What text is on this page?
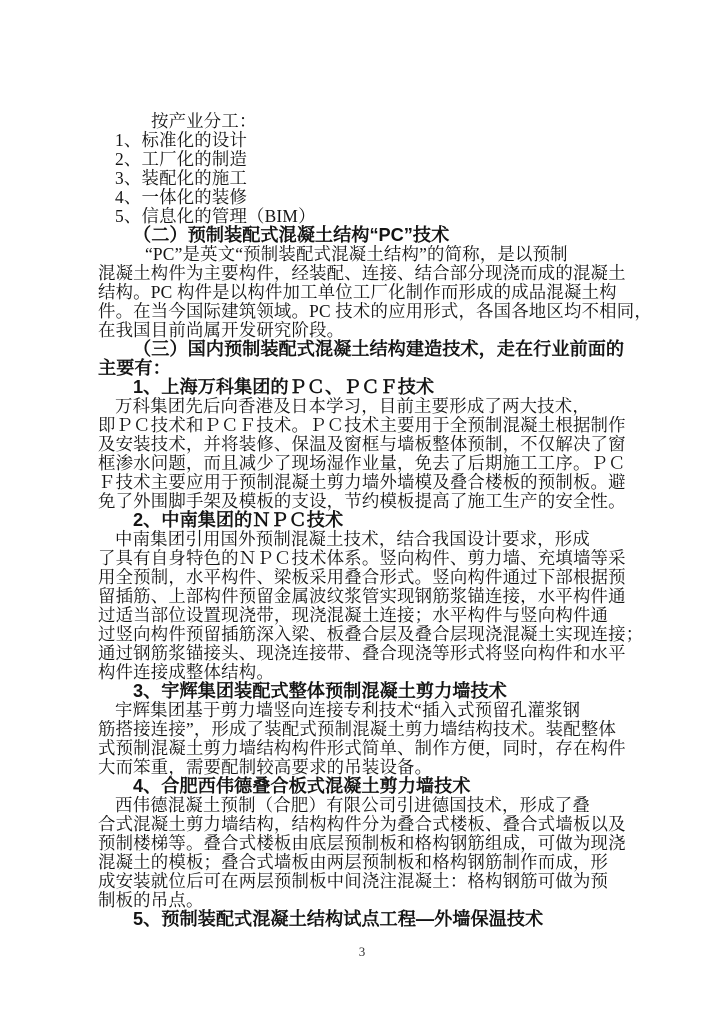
按产业分工：
1、标准化的设计
2、工厂化的制造
3、装配化的施工
4、一体化的装修
5、信息化的管理（BIM）
（二）预制装配式混凝土结构“PC”技术
“PC”是英文“预制装配式混凝土结构”的简称，是以预制
混凝土构件为主要构件，经装配、连接、结合部分现浇而成的混凝土
结构。PC 构件是以构件加工单位工厂化制作而形成的成品混凝土构
件。在当今国际建筑领域。PC 技术的应用形式，各国各地区均不相同，
在我国目前尚属开发研究阶段。
（三）国内预制装配式混凝土结构建造技术，走在行业前面的
主要有：
1、上海万科集团的ＰＣ、ＰＣＦ技术
万科集团先后向香港及日本学习，目前主要形成了两大技术，
即ＰＣ技术和ＰＣＦ技术。ＰＣ技术主要用于全预制混凝土根据制作
及安装技术，并将装修、保温及窗框与墙板整体预制，不仅解决了窗
框渗水问题，而且减少了现场湿作业量，免去了后期施工工序。ＰＣ
Ｆ技术主要应用于预制混凝土剪力墙外墙模及叠合楼板的预制板。避
免了外围脚手架及模板的支设，节约模板提高了施工生产的安全性。
2、中南集团的ＮＰＣ技术
中南集团引用国外预制混凝土技术，结合我国设计要求，形成
了具有自身特色的ＮＰＣ技术体系。竖向构件、剪力墙、充填墙等采
用全预制，水平构件、梁板采用叠合形式。竖向构件通过下部根据预
留插筋、上部构件预留金属波纹浆管实现钢筋浆锚连接，水平构件通
过适当部位设置现浇带，现浇混凝土连接；水平构件与竖向构件通
过竖向构件预留插筋深入梁、板叠合层及叠合层现浇混凝土实现连接；
通过钢筋浆锚接头、现浇连接带、叠合现浇等形式将竖向构件和水平
构件连接成整体结构。
3、宇辉集团装配式整体预制混凝土剪力墙技术
宇辉集团基于剪力墙竖向连接专利技术“插入式预留孔灌浆钢
筋搭接连接”，形成了装配式预制混凝土剪力墙结构技术。装配整体
式预制混凝土剪力墙结构构件形式简单、制作方便，同时，存在构件
大而笨重，需要配制较高要求的吊装设备。
4、合肥西伟德叠合板式混凝土剪力墙技术
西伟德混凝土预制（合肥）有限公司引进德国技术，形成了叠
合式混凝土剪力墙结构，结构构件分为叠合式楼板、叠合式墙板以及
预制楼梯等。叠合式楼板由底层预制板和格构钢筋组成，可做为现浇
混凝土的模板；叠合式墙板由两层预制板和格构钢筋制作而成，形
成安装就位后可在两层预制板中间浇注混凝土：格构钢筋可做为预
制板的吊点。
5、预制装配式混凝土结构试点工程—外墙保温技术
3
